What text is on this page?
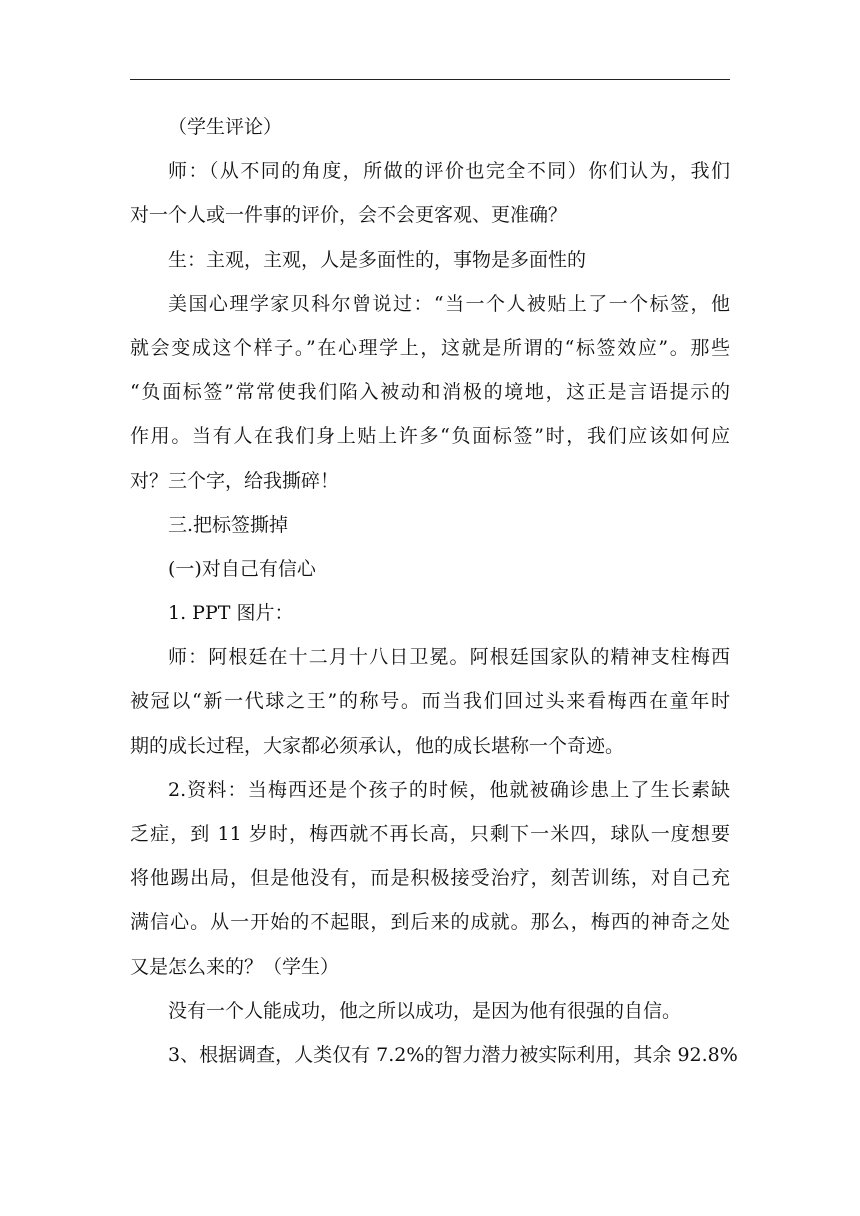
（学生评论）
师：（从不同的角度，所做的评价也完全不同）你们认为，我们
对一个人或一件事的评价，会不会更客观、更准确？
生：主观，主观，人是多面性的，事物是多面性的
美国心理学家贝科尔曾说过：“当一个人被贴上了一个标签，他
就会变成这个样子。”在心理学上，这就是所谓的“标签效应”。那些
“负面标签”常常使我们陷入被动和消极的境地，这正是言语提示的
作用。当有人在我们身上贴上许多“负面标签”时，我们应该如何应
对？三个字，给我撕碎！
三.把标签撕掉
(一)对自己有信心
1. PPT 图片：
师：阿根廷在十二月十八日卫冕。阿根廷国家队的精神支柱梅西
被冠以“新一代球之王”的称号。而当我们回过头来看梅西在童年时
期的成长过程，大家都必须承认，他的成长堪称一个奇迹。
2.资料：当梅西还是个孩子的时候，他就被确诊患上了生长素缺
乏症，到 11 岁时，梅西就不再长高，只剩下一米四，球队一度想要
将他踢出局，但是他没有，而是积极接受治疗，刻苦训练，对自己充
满信心。从一开始的不起眼，到后来的成就。那么，梅西的神奇之处
又是怎么来的？（学生）
没有一个人能成功，他之所以成功，是因为他有很强的自信。
3、根据调查，人类仅有 7.2%的智力潜力被实际利用，其余 92.8%
